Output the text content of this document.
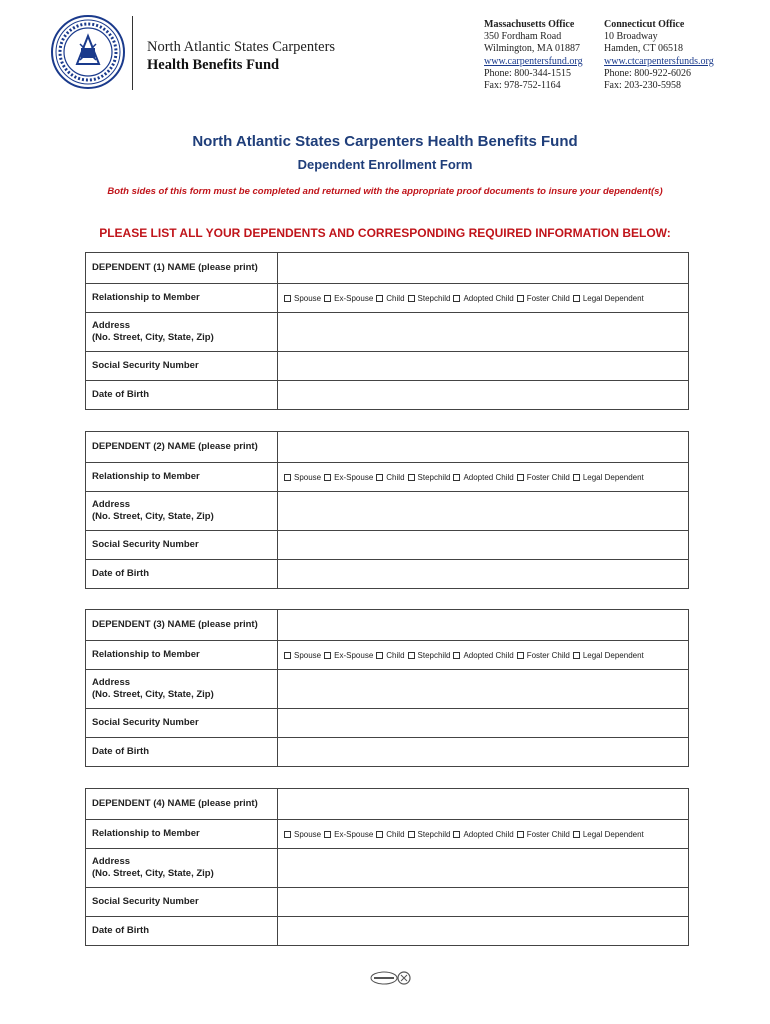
North Atlantic States Carpenters
Health Benefits Fund
Massachusetts Office
350 Fordham Road
Wilmington, MA 01887
www.carpentersfund.org
Phone: 800-344-1515
Fax: 978-752-1164
Connecticut Office
10 Broadway
Hamden, CT 06518
www.ctcarpentersfunds.org
Phone: 800-922-6026
Fax: 203-230-5958
North Atlantic States Carpenters Health Benefits Fund
Dependent Enrollment Form
Both sides of this form must be completed and returned with the appropriate proof documents to insure your dependent(s)
PLEASE LIST ALL YOUR DEPENDENTS AND CORRESPONDING REQUIRED INFORMATION BELOW:
DEPENDENT (1) NAME (please print)
Relationship to Member	Spouse Ex-Spouse Child Stepchild Adopted Child Foster Child Legal Dependent
Address
(No. Street, City, State, Zip)
Social Security Number
Date of Birth
DEPENDENT (2) NAME (please print)
Relationship to Member	Spouse Ex-Spouse Child Stepchild Adopted Child Foster Child Legal Dependent
Address
(No. Street, City, State, Zip)
Social Security Number
Date of Birth
DEPENDENT (3) NAME (please print)
Relationship to Member	Spouse Ex-Spouse Child Stepchild Adopted Child Foster Child Legal Dependent
Address
(No. Street, City, State, Zip)
Social Security Number
Date of Birth
DEPENDENT (4) NAME (please print)
Relationship to Member	Spouse Ex-Spouse Child Stepchild Adopted Child Foster Child Legal Dependent
Address
(No. Street, City, State, Zip)
Social Security Number
Date of Birth
